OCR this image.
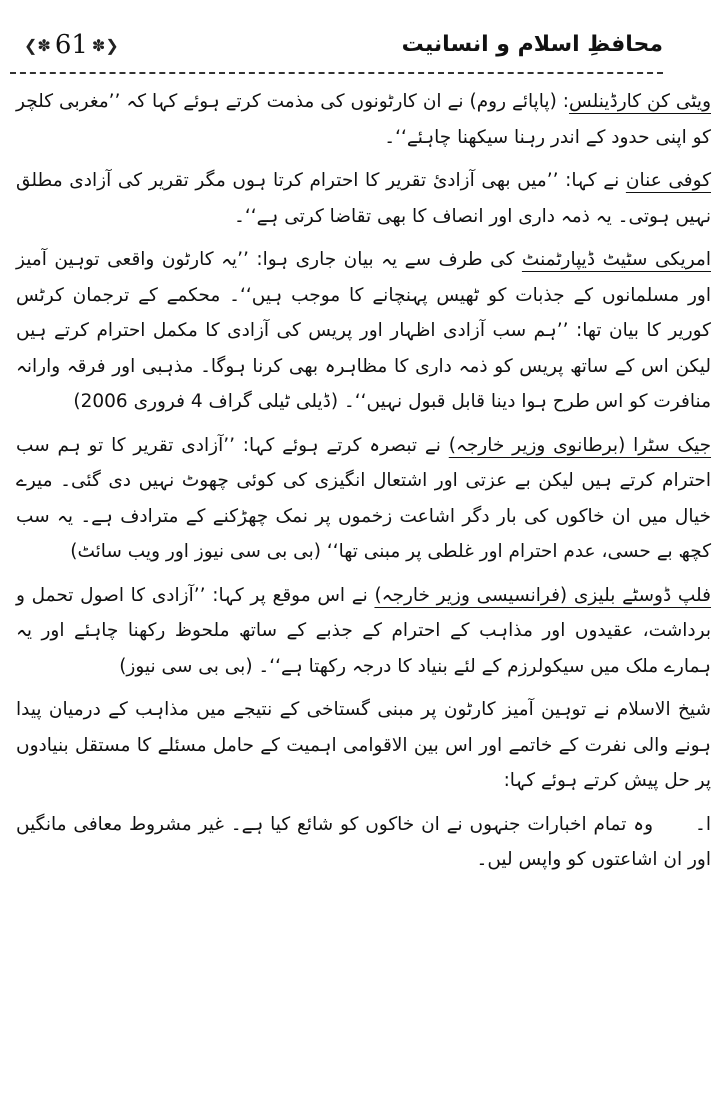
محافظِ اسلام و انسانیت
❮✽
61
✽❯

ویٹی کن کارڈینلس: (پاپائے روم) نے ان کارٹونوں کی مذمت کرتے ہوئے کہا کہ ’’مغربی کلچر کو اپنی حدود کے اندر رہنا سیکھنا چاہئے‘‘۔

کوفی عنان نے کہا: ’’میں بھی آزادئ تقریر کا احترام کرتا ہوں مگر تقریر کی آزادی مطلق نہیں ہوتی۔ یہ ذمہ داری اور انصاف کا بھی تقاضا کرتی ہے‘‘۔

امریکی سٹیٹ ڈیپارٹمنٹ کی طرف سے یہ بیان جاری ہوا: ’’یہ کارٹون واقعی توہین آمیز اور مسلمانوں کے جذبات کو ٹھیس پہنچانے کا موجب ہیں‘‘۔ محکمے کے ترجمان کرٹس کوریر کا بیان تھا: ’’ہم سب آزادی اظہار اور پریس کی آزادی کا مکمل احترام کرتے ہیں لیکن اس کے ساتھ پریس کو ذمہ داری کا مظاہرہ بھی کرنا ہوگا۔ مذہبی اور فرقہ وارانہ منافرت کو اس طرح ہوا دینا قابل قبول نہیں‘‘۔ (ڈیلی ٹیلی گراف 4 فروری 2006)

جیک سٹرا (برطانوی وزیر خارجہ) نے تبصرہ کرتے ہوئے کہا: ’’آزادی تقریر کا تو ہم سب احترام کرتے ہیں لیکن بے عزتی اور اشتعال انگیزی کی کوئی چھوٹ نہیں دی گئی۔ میرے خیال میں ان خاکوں کی بار دگر اشاعت زخموں پر نمک چھڑکنے کے مترادف ہے۔ یہ سب کچھ بے حسی، عدم احترام اور غلطی پر مبنی تھا‘‘ (بی بی سی نیوز اور ویب سائٹ)

فلپ ڈوسٹے بلیزی (فرانسیسی وزیر خارجہ) نے اس موقع پر کہا: ’’آزادی کا اصول تحمل و برداشت، عقیدوں اور مذاہب کے احترام کے جذبے کے ساتھ ملحوظ رکھنا چاہئے اور یہ ہمارے ملک میں سیکولرزم کے لئے بنیاد کا درجہ رکھتا ہے‘‘۔ (بی بی سی نیوز)

شیخ الاسلام نے توہین آمیز کارٹون پر مبنی گستاخی کے نتیجے میں مذاہب کے درمیان پیدا ہونے والی نفرت کے خاتمے اور اس بین الاقوامی اہمیت کے حامل مسئلے کا مستقل بنیادوں پر حل پیش کرتے ہوئے کہا:

ا۔وہ تمام اخبارات جنہوں نے ان خاکوں کو شائع کیا ہے۔ غیر مشروط معافی مانگیں اور ان اشاعتوں کو واپس لیں۔
